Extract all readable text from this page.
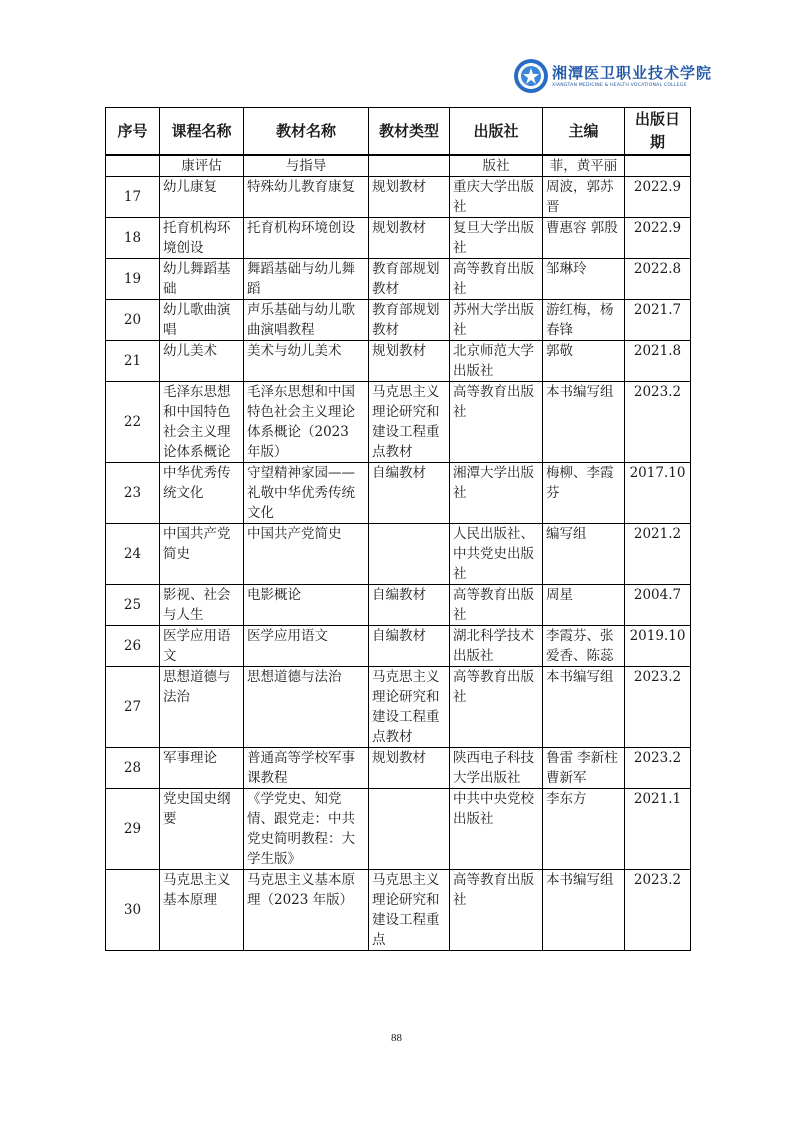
湘潭医卫职业技术学院
XIANGTAN MEDICINE & HEALTH VOCATIONAL COLLEGE
序号	课程名称	教材名称	教材类型	出版社	主编	出版日期
	康评估	与指导		版社	菲，黄平丽	
17	幼儿康复	特殊幼儿教育康复	规划教材	重庆大学出版社	周波，郭苏晋	2022.9
18	托育机构环境创设	托育机构环境创设	规划教材	复旦大学出版社	曹惠容 郭殷	2022.9
19	幼儿舞蹈基础	舞蹈基础与幼儿舞蹈	教育部规划教材	高等教育出版社	邹琳玲	2022.8
20	幼儿歌曲演唱	声乐基础与幼儿歌曲演唱教程	教育部规划教材	苏州大学出版社	游红梅，杨春锋	2021.7
21	幼儿美术	美术与幼儿美术	规划教材	北京师范大学出版社	郭敬	2021.8
22	毛泽东思想和中国特色社会主义理论体系概论	毛泽东思想和中国特色社会主义理论体系概论（2023 年版）	马克思主义理论研究和建设工程重点教材	高等教育出版社	本书编写组	2023.2
23	中华优秀传统文化	守望精神家园——礼敬中华优秀传统文化	自编教材	湘潭大学出版社	梅柳、李霞芬	2017.10
24	中国共产党简史	中国共产党简史		人民出版社、中共党史出版社	编写组	2021.2
25	影视、社会与人生	电影概论	自编教材	高等教育出版社	周星	2004.7
26	医学应用语文	医学应用语文	自编教材	湖北科学技术出版社	李霞芬、张爱香、陈蕊	2019.10
27	思想道德与法治	思想道德与法治	马克思主义理论研究和建设工程重点教材	高等教育出版社	本书编写组	2023.2
28	军事理论	普通高等学校军事课教程	规划教材	陕西电子科技大学出版社	鲁雷 李新柱 曹新军	2023.2
29	党史国史纲要	《学党史、知党情、跟党走：中共党史简明教程：大学生版》		中共中央党校出版社	李东方	2021.1
30	马克思主义基本原理	马克思主义基本原理（2023 年版）	马克思主义理论研究和建设工程重点	高等教育出版社	本书编写组	2023.2
88
